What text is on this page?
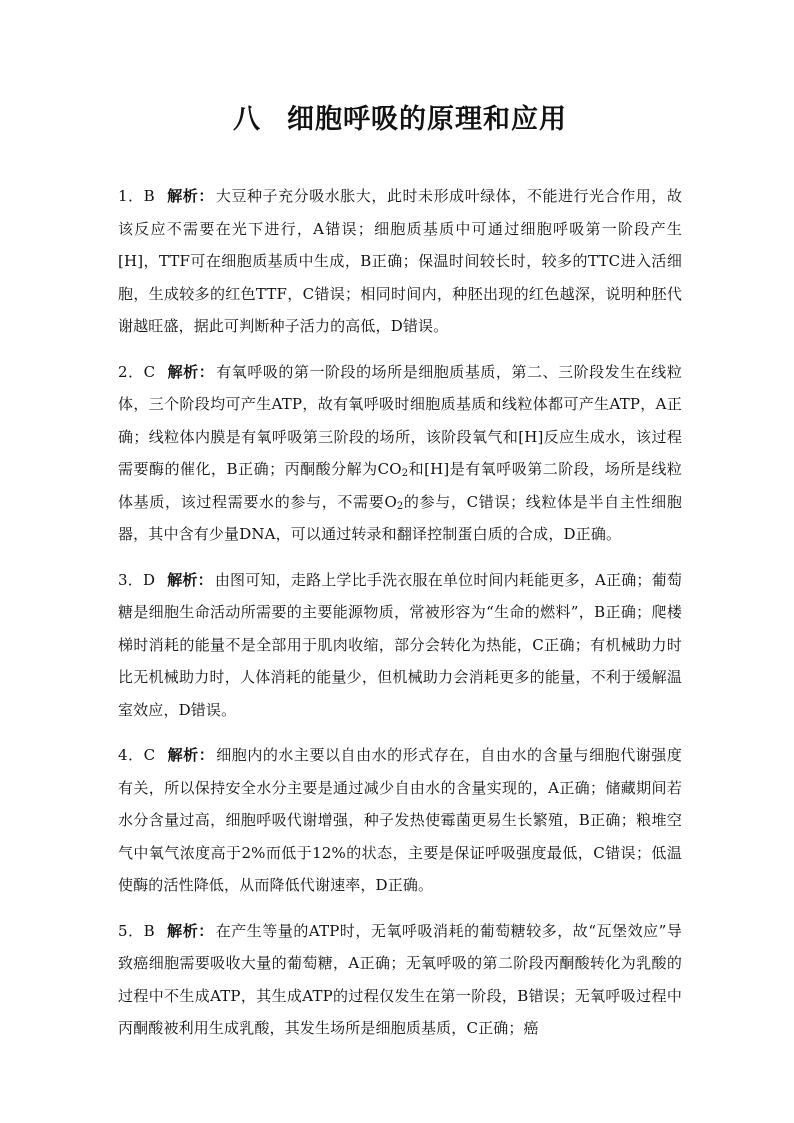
八 细胞呼吸的原理和应用

1．B 解析： 大豆种子充分吸水胀大，此时未形成叶绿体，不能进行光合作用，故该反应不需要在光下进行，A错误；细胞质基质中可通过细胞呼吸第一阶段产生[H]，TTF可在细胞质基质中生成，B正确；保温时间较长时，较多的TTC进入活细胞，生成较多的红色TTF，C错误；相同时间内，种胚出现的红色越深，说明种胚代谢越旺盛，据此可判断种子活力的高低，D错误。

2．C 解析： 有氧呼吸的第一阶段的场所是细胞质基质，第二、三阶段发生在线粒体，三个阶段均可产生ATP，故有氧呼吸时细胞质基质和线粒体都可产生ATP，A正确；线粒体内膜是有氧呼吸第三阶段的场所，该阶段氧气和[H]反应生成水，该过程需要酶的催化，B正确；丙酮酸分解为$CO_2$和[H]是有氧呼吸第二阶段，场所是线粒体基质，该过程需要水的参与，不需要$O_2$的参与，C错误；线粒体是半自主性细胞器，其中含有少量DNA，可以通过转录和翻译控制蛋白质的合成，D正确。

3．D 解析： 由图可知，走路上学比手洗衣服在单位时间内耗能更多，A正确；葡萄糖是细胞生命活动所需要的主要能源物质，常被形容为“生命的燃料”，B正确；爬楼梯时消耗的能量不是全部用于肌肉收缩，部分会转化为热能，C正确；有机械助力时比无机械助力时，人体消耗的能量少，但机械助力会消耗更多的能量，不利于缓解温室效应，D错误。

4．C 解析： 细胞内的水主要以自由水的形式存在，自由水的含量与细胞代谢强度有关，所以保持安全水分主要是通过减少自由水的含量实现的，A正确；储藏期间若水分含量过高，细胞呼吸代谢增强，种子发热使霉菌更易生长繁殖，B正确；粮堆空气中氧气浓度高于2%而低于12%的状态，主要是保证呼吸强度最低，C错误；低温使酶的活性降低，从而降低代谢速率，D正确。

5．B 解析： 在产生等量的ATP时，无氧呼吸消耗的葡萄糖较多，故“瓦堡效应”导致癌细胞需要吸收大量的葡萄糖，A正确；无氧呼吸的第二阶段丙酮酸转化为乳酸的过程中不生成ATP，其生成ATP的过程仅发生在第一阶段，B错误；无氧呼吸过程中丙酮酸被利用生成乳酸，其发生场所是细胞质基质，C正确；癌
